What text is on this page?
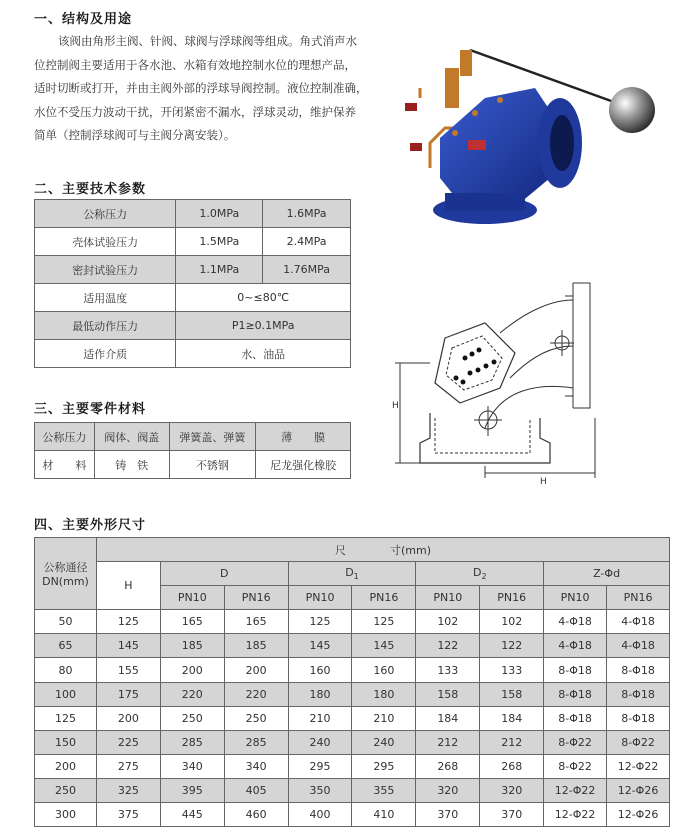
一、结构及用途

该阀由角形主阀、针阀、球阀与浮球阀等组成。角式消声水

位控制阀主要适用于各水池、水箱有效地控制水位的理想产品，

适时切断或打开，并由主阀外部的浮球导阀控制。液位控制准确，

水位不受压力波动干扰，开闭紧密不漏水，浮球灵动，维护保养

简单（控制浮球阀可与主阀分离安装）。

二、主要技术参数
公称压力	1.0MPa	1.6MPa
壳体试验压力	1.5MPa	2.4MPa
密封试验压力	1.1MPa	1.76MPa
适用温度	0~≤80℃	
最低动作压力	P1≥0.1MPa	
适作介质	水、油品	
H
H
三、主要零件材料
公称压力	阀体、阀盖	弹簧盖、弹簧	薄　　膜
材　　料	铸　铁	不锈钢	尼龙强化橡胶
四、主要外形尺寸
公称通径
DN(mm)	尺　　　　寸(mm)								
	H	D		$D_1$		$D_2$		Z-Φd	
		PN10	PN16	PN10	PN16	PN10	PN16	PN10	PN16
50	125	165	165	125	125	102	102	4-Φ18	4-Φ18
65	145	185	185	145	145	122	122	4-Φ18	4-Φ18
80	155	200	200	160	160	133	133	8-Φ18	8-Φ18
100	175	220	220	180	180	158	158	8-Φ18	8-Φ18
125	200	250	250	210	210	184	184	8-Φ18	8-Φ18
150	225	285	285	240	240	212	212	8-Φ22	8-Φ22
200	275	340	340	295	295	268	268	8-Φ22	12-Φ22
250	325	395	405	350	355	320	320	12-Φ22	12-Φ26
300	375	445	460	400	410	370	370	12-Φ22	12-Φ26
